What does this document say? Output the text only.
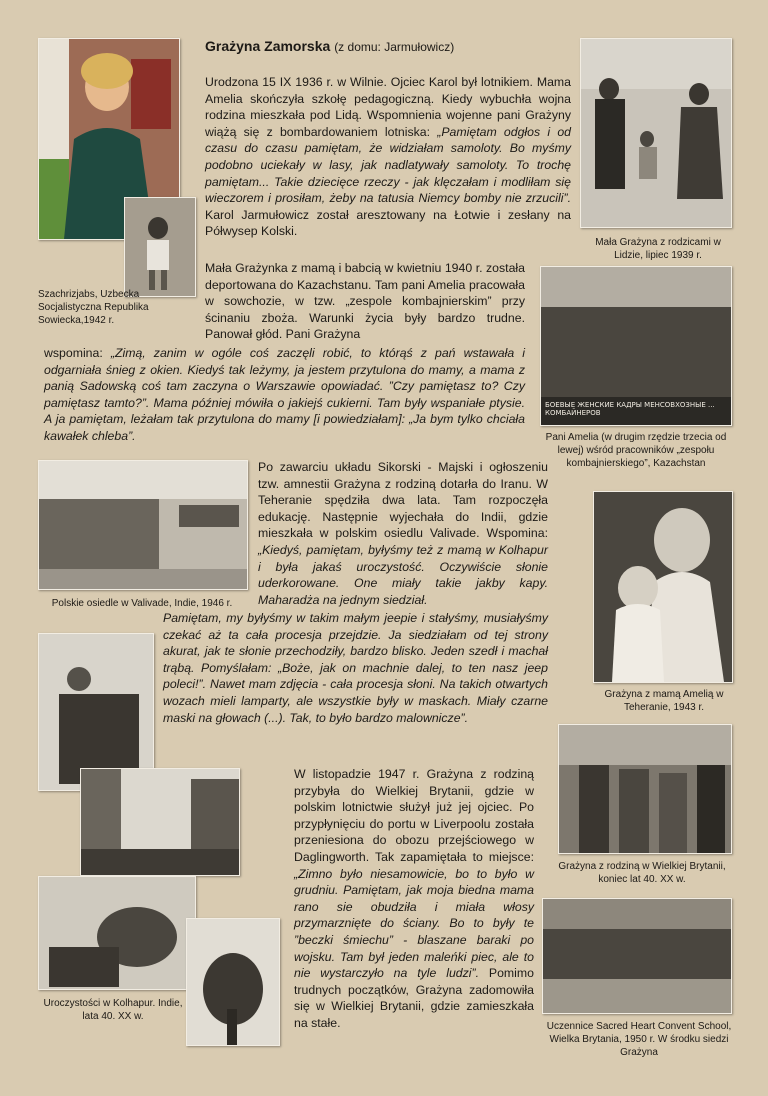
Grażyna Zamorska (z domu: Jarmułowicz)
БОЕВЫЕ ЖЕНСКИЕ КАДРЫ МЕНСОВХОЗНЫЕ ... КОМБАЙНЕРОВ
Szachrizjabs, Uzbecka Socjalistyczna Republika Sowiecka,1942 r.
Mała Grażyna z rodzicami w Lidzie, lipiec 1939 r.
Pani Amelia (w drugim rzędzie trzecia od lewej) wśród pracowników „zespołu kombajnierskiego”, Kazachstan
Polskie osiedle w Valivade, Indie, 1946 r.
Grażyna z mamą Amelią w Teheranie, 1943 r.
Grażyna z rodziną w Wielkiej Brytanii, koniec lat 40. XX w.
Uroczystości w Kolhapur. Indie, lata 40. XX w.
Uczennice Sacred Heart Convent School, Wielka Brytania, 1950 r. W środku siedzi Grażyna
Urodzona 15 IX 1936 r. w Wilnie. Ojciec Karol był lotnikiem. Mama Amelia skończyła szkołę pedagogiczną. Kiedy wybuchła wojna rodzina mieszkała pod Lidą. Wspomnienia wojenne pani Grażyny wiążą się z bombardowaniem lotniska: „Pamiętam odgłos i od czasu do czasu pamiętam, że widziałam samoloty. Bo myśmy podobno uciekały w lasy, jak nadlatywały samoloty. To trochę pamiętam... Takie dziecięce rzeczy - jak klęczałam i modliłam się wieczorem i prosiłam, żeby na tatusia Niemcy bomby nie zrzucili”. Karol Jarmułowicz został aresztowany na Łotwie i zesłany na Półwysep Kolski.
Mała Grażynka z mamą i babcią w kwietniu 1940 r. została deportowana do Kazachstanu. Tam pani Amelia pracowała w sowchozie, w tzw. „zespole kombajnierskim” przy ścinaniu zboża. Warunki życia były bardzo trudne. Panował głód. Pani Grażyna
wspomina: „Zimą, zanim w ogóle coś zaczęli robić, to którąś z pań wstawała i odgarniała śnieg z okien. Kiedyś tak leżymy, ja jestem przytulona do mamy, a mama z panią Sadowską coś tam zaczyna o Warszawie opowiadać. ”Czy pamiętasz to? Czy pamiętasz tamto?”. Mama później mówiła o jakiejś cukierni. Tam były wspaniałe ptysie. A ja pamiętam, leżałam tak przytulona do mamy [i powiedziałam]: „Ja bym tylko chciała kawałek chleba”.
Po zawarciu układu Sikorski - Majski i ogłoszeniu tzw. amnestii Grażyna z rodziną dotarła do Iranu. W Teheranie spędziła dwa lata. Tam rozpoczęła edukację. Następnie wyjechała do Indii, gdzie mieszkała w polskim osiedlu Valivade. Wspomina: „Kiedyś, pamiętam, byłyśmy też z mamą w Kolhapur i była jakaś uroczystość. Oczywiście słonie uderkorowane. One miały takie jakby kapy. Maharadża na jednym siedział.
Pamiętam, my byłyśmy w takim małym jeepie i stałyśmy, musiałyśmy czekać aż ta cała procesja przejdzie. Ja siedziałam od tej strony akurat, jak te słonie przechodziły, bardzo blisko. Jeden szedł i machał trąbą. Pomyślałam: „Boże, jak on machnie dalej, to ten nasz jeep poleci!”. Nawet mam zdjęcia - cała procesja słoni. Na takich otwartych wozach mieli lamparty, ale wszystkie były w maskach. Miały czarne maski na głowach (...). Tak, to było bardzo malownicze”.
W listopadzie 1947 r. Grażyna z rodziną przybyła do Wielkiej Brytanii, gdzie w polskim lotnictwie służył już jej ojciec. Po przypłynięciu do portu w Liverpoolu została przeniesiona do obozu przejściowego w Daglingworth. Tak zapamiętała to miejsce: „Zimno było niesamowicie, bo to było w grudniu. Pamiętam, jak moja biedna mama rano sie obudziła i miała włosy przymarznięte do ściany. Bo to były te ”beczki śmiechu” - blaszane baraki po wojsku. Tam był jeden maleńki piec, ale to nie wystarczyło na tyle ludzi”. Pomimo trudnych początków, Grażyna zadomowiła się w Wielkiej Brytanii, gdzie zamieszkała na stałe.
